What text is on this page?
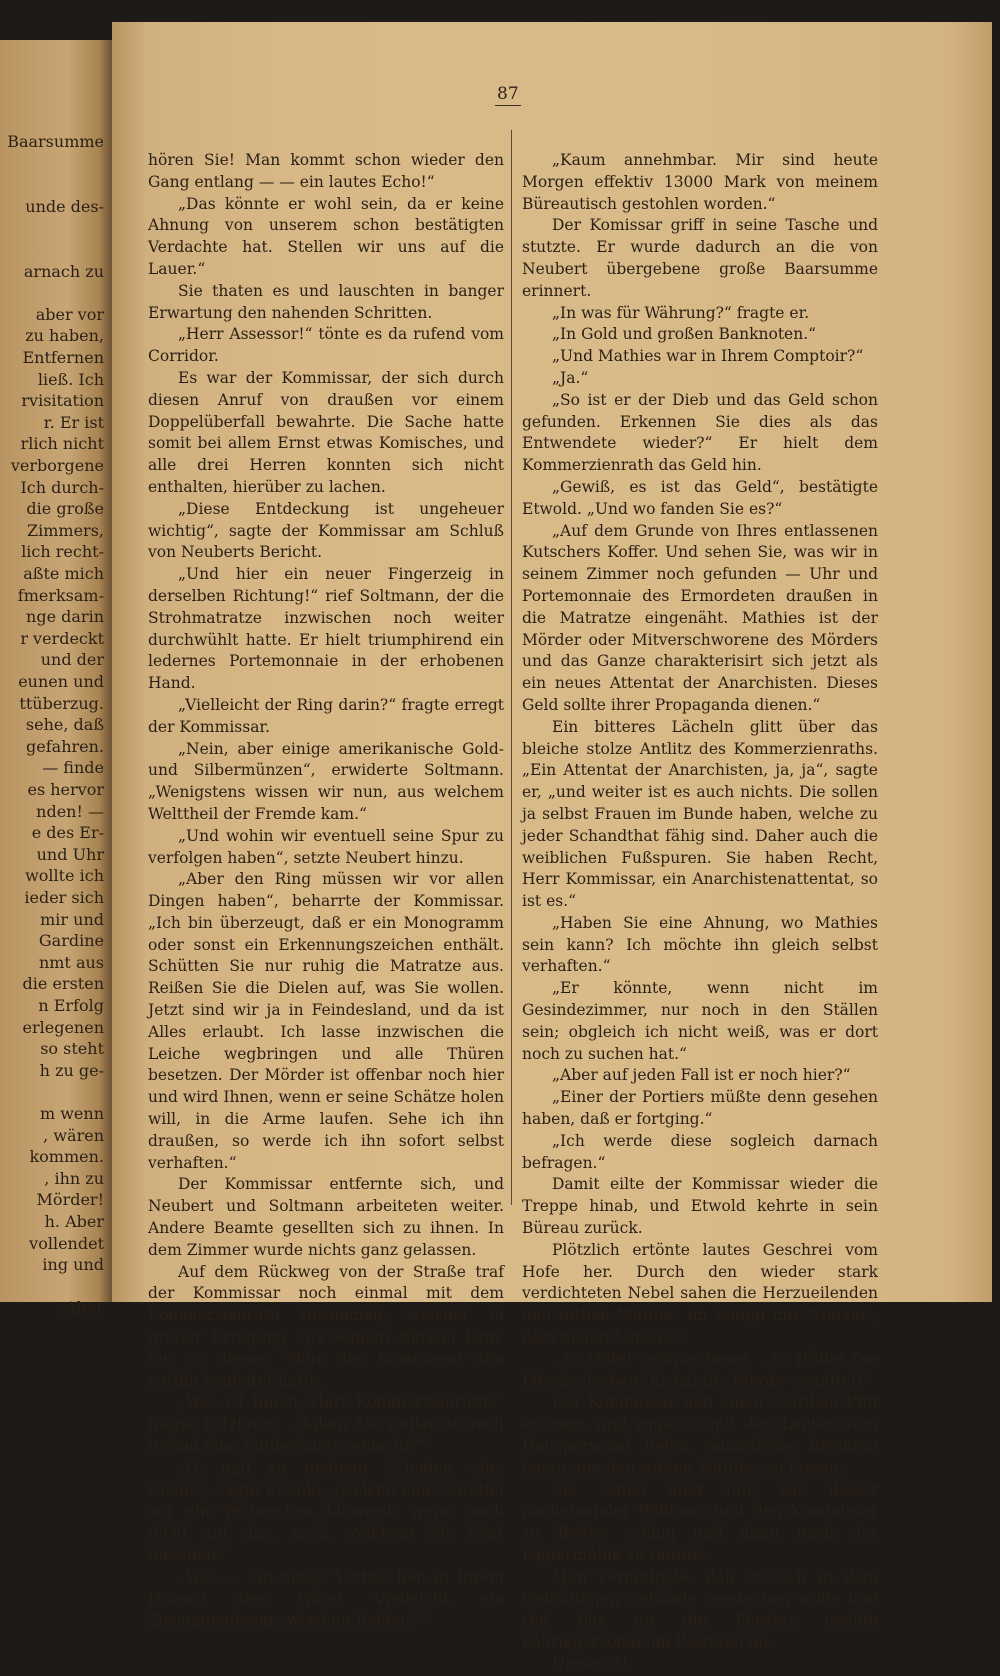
Baarsumme
unde des-
arnach zu
aber vor
zu haben,
Entfernen
ließ. Ich
rvisitation
r. Er ist
rlich nicht
verborgene
Ich durch-
die große
Zimmers,
lich recht-
aßte mich
fmerksam-
nge darin
r verdeckt
und der
eunen und
ttüberzug.
sehe, daß
gefahren.
— finde
es hervor
nden! —
e des Er-
und Uhr
wollte ich
ieder sich
mir und
Gardine
nmt aus
die ersten
n Erfolg
erlegenen
so steht
h zu ge-
m wenn
, wären
kommen.
, ihn zu
Mörder!
h. Aber
vollendet
ing und
„Aber
87

hören Sie! Man kommt schon wieder den Gang entlang — — ein lautes Echo!“

„Das könnte er wohl sein, da er keine Ahnung von unserem schon bestätigten Verdachte hat. Stellen wir uns auf die Lauer.“

Sie thaten es und lauschten in banger Erwartung den nahenden Schritten.

„Herr Assessor!“ tönte es da rufend vom Corridor.

Es war der Kommissar, der sich durch diesen Anruf von draußen vor einem Doppelüberfall bewahrte. Die Sache hatte somit bei allem Ernst etwas Komisches, und alle drei Herren konnten sich nicht enthalten, hierüber zu lachen.

„Diese Entdeckung ist ungeheuer wichtig“, sagte der Kommissar am Schluß von Neuberts Bericht.

„Und hier ein neuer Fingerzeig in derselben Richtung!“ rief Soltmann, der die Strohmatratze inzwischen noch weiter durchwühlt hatte. Er hielt triumphirend ein ledernes Portemonnaie in der erhobenen Hand.

„Vielleicht der Ring darin?“ fragte erregt der Kommissar.

„Nein, aber einige amerikanische Gold- und Silbermünzen“, erwiderte Soltmann. „Wenigstens wissen wir nun, aus welchem Welttheil der Fremde kam.“

„Und wohin wir eventuell seine Spur zu verfolgen haben“, setzte Neubert hinzu.

„Aber den Ring müssen wir vor allen Dingen haben“, beharrte der Kommissar. „Ich bin überzeugt, daß er ein Monogramm oder sonst ein Erkennungszeichen enthält. Schütten Sie nur ruhig die Matratze aus. Reißen Sie die Dielen auf, was Sie wollen. Jetzt sind wir ja in Feindesland, und da ist Alles erlaubt. Ich lasse inzwischen die Leiche wegbringen und alle Thüren besetzen. Der Mörder ist offenbar noch hier und wird Ihnen, wenn er seine Schätze holen will, in die Arme laufen. Sehe ich ihn draußen, so werde ich ihn sofort selbst verhaften.“

Der Kommissar entfernte sich, und Neubert und Soltmann arbeiteten weiter. Andere Beamte gesellten sich zu ihnen. In dem Zimmer wurde nichts ganz gelassen.

Auf dem Rückweg von der Straße traf der Kommissar noch einmal mit dem Kommerzienrath zusammen, welcher in großer Erregung aus seinem Büreau kam, bis zu dessen Thür der Kommissar ihn vorhin begleitet hatte.

„Was ist Ihnen, Herr Kommerzienrath?“ fragte Letzterer. „Haben Sie vielleicht auch irgend eine Entdeckung gemacht?“

„O, und zu meinem Schaden eine solche“, sagte Etwold, „welche ohne Zweifel auf ein Verbrechen hinweist, wenn auch nicht auf das, nach welchem Sie jetzt forschen.“

„Was — ein neues Verbrechen in Ihrem Hause? Das wäre! Vielleicht ein Zusammenhang zwischen Beiden?“

„Kaum annehmbar. Mir sind heute Morgen effektiv 13000 Mark von meinem Büreautisch gestohlen worden.“

Der Komissar griff in seine Tasche und stutzte. Er wurde dadurch an die von Neubert übergebene große Baarsumme erinnert.

„In was für Währung?“ fragte er.

„In Gold und großen Banknoten.“

„Und Mathies war in Ihrem Comptoir?“

„Ja.“

„So ist er der Dieb und das Geld schon gefunden. Erkennen Sie dies als das Entwendete wieder?“ Er hielt dem Kommerzienrath das Geld hin.

„Gewiß, es ist das Geld“, bestätigte Etwold. „Und wo fanden Sie es?“

„Auf dem Grunde von Ihres entlassenen Kutschers Koffer. Und sehen Sie, was wir in seinem Zimmer noch gefunden — Uhr und Portemonnaie des Ermordeten draußen in die Matratze eingenäht. Mathies ist der Mörder oder Mitverschworene des Mörders und das Ganze charakterisirt sich jetzt als ein neues Attentat der Anarchisten. Dieses Geld sollte ihrer Propaganda dienen.“

Ein bitteres Lächeln glitt über das bleiche stolze Antlitz des Kommerzienraths. „Ein Attentat der Anarchisten, ja, ja“, sagte er, „und weiter ist es auch nichts. Die sollen ja selbst Frauen im Bunde haben, welche zu jeder Schandthat fähig sind. Daher auch die weiblichen Fußspuren. Sie haben Recht, Herr Kommissar, ein Anarchistenattentat, so ist es.“

„Haben Sie eine Ahnung, wo Mathies sein kann? Ich möchte ihn gleich selbst verhaften.“

„Er könnte, wenn nicht im Gesindezimmer, nur noch in den Ställen sein; obgleich ich nicht weiß, was er dort noch zu suchen hat.“

„Aber auf jeden Fall ist er noch hier?“

„Einer der Portiers müßte denn gesehen haben, daß er fortging.“

„Ich werde diese sogleich darnach befragen.“

Damit eilte der Kommissar wieder die Treppe hinab, und Etwold kehrte in sein Büreau zurück.

Plötzlich ertönte lautes Geschrei vom Hofe her. Durch den wieder stark verdichteten Nebel sahen die Herzueilenden den rothen Mathies im Kampf mit Williams, dem neuen Kutscher.

„Zu Hilfe!“ schrie dieser. „Zu Hülfe! Die Pferde sterben! Er hat die Pferde vergiftet!“

Der Kommissar ließ einen schrillen Pfiff ertönen, und zugleich mit den Leuten vom Hauspersonal liefen sämmtliche Beamten herzu, um den rothen Mathies zu fassen.

Sie sahen aber nur, wie dieser nacheinander Williams und den Kommissar zu Boden schlug und dann nach der Papiermühle zu rannte.

Man vermuthete, daß er sich in dem weitläufigen Gebäude verstecken wolle und rief das an die Fenster geeilte Fabrikpersonal um Beistand an.

Umsonst!
